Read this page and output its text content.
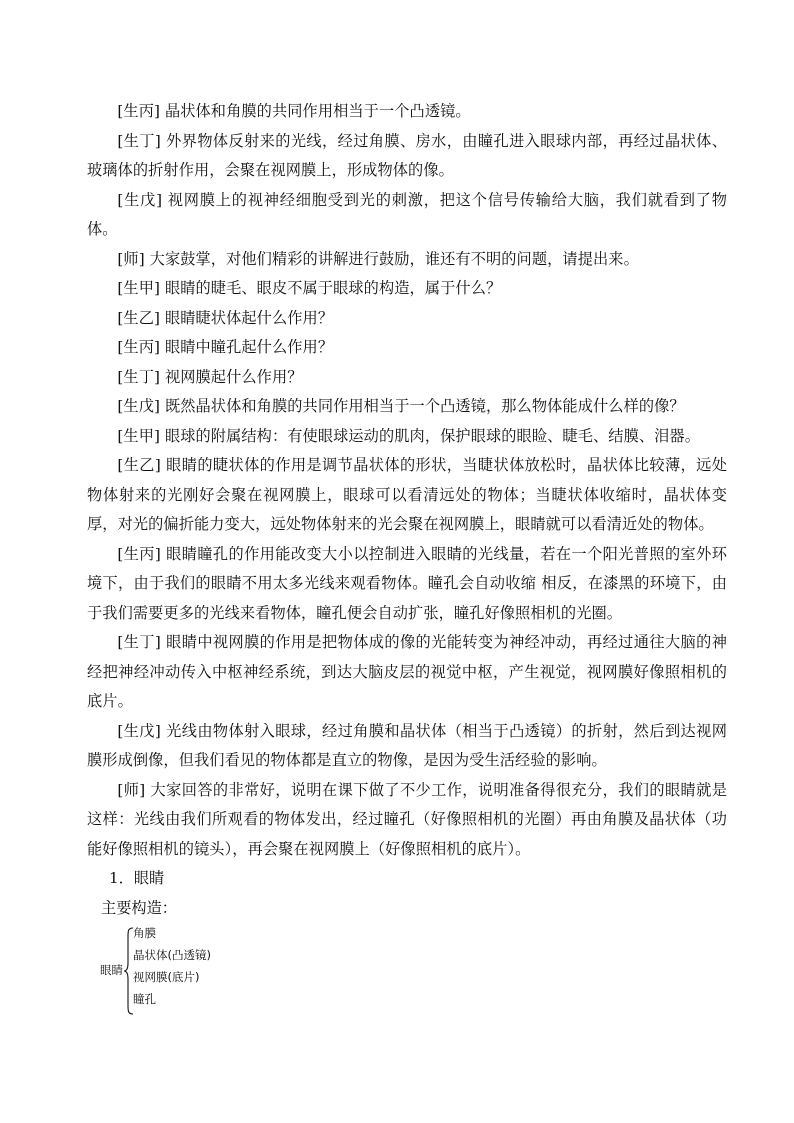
[生丙] 晶状体和角膜的共同作用相当于一个凸透镜。

[生丁] 外界物体反射来的光线，经过角膜、房水，由瞳孔进入眼球内部，再经过晶状体、玻璃体的折射作用，会聚在视网膜上，形成物体的像。

[生戊] 视网膜上的视神经细胞受到光的刺激，把这个信号传输给大脑，我们就看到了物体。

[师] 大家鼓掌，对他们精彩的讲解进行鼓励，谁还有不明的问题，请提出来。

[生甲] 眼睛的睫毛、眼皮不属于眼球的构造，属于什么？

[生乙] 眼睛睫状体起什么作用？

[生丙] 眼睛中瞳孔起什么作用？

[生丁] 视网膜起什么作用？

[生戊] 既然晶状体和角膜的共同作用相当于一个凸透镜，那么物体能成什么样的像？

[生甲] 眼球的附属结构：有使眼球运动的肌肉，保护眼球的眼睑、睫毛、结膜、泪器。

[生乙] 眼睛的睫状体的作用是调节晶状体的形状，当睫状体放松时，晶状体比较薄，远处物体射来的光刚好会聚在视网膜上，眼球可以看清远处的物体；当睫状体收缩时，晶状体变厚，对光的偏折能力变大，远处物体射来的光会聚在视网膜上，眼睛就可以看清近处的物体。

[生丙] 眼睛瞳孔的作用能改变大小以控制进入眼睛的光线量，若在一个阳光普照的室外环境下，由于我们的眼睛不用太多光线来观看物体。瞳孔会自动收缩 相反，在漆黑的环境下，由于我们需要更多的光线来看物体，瞳孔便会自动扩张，瞳孔好像照相机的光圈。

[生丁] 眼睛中视网膜的作用是把物体成的像的光能转变为神经冲动，再经过通往大脑的神经把神经冲动传入中枢神经系统，到达大脑皮层的视觉中枢，产生视觉，视网膜好像照相机的底片。

[生戊] 光线由物体射入眼球，经过角膜和晶状体（相当于凸透镜）的折射，然后到达视网膜形成倒像，但我们看见的物体都是直立的物像，是因为受生活经验的影响。

[师] 大家回答的非常好，说明在课下做了不少工作，说明准备得很充分，我们的眼睛就是这样：光线由我们所观看的物体发出，经过瞳孔（好像照相机的光圈）再由角膜及晶状体（功能好像照相机的镜头），再会聚在视网膜上（好像照相机的底片）。

1．眼睛

主要构造：

眼睛
角膜
晶状体(凸透镜)
视网膜(底片)
瞳孔
